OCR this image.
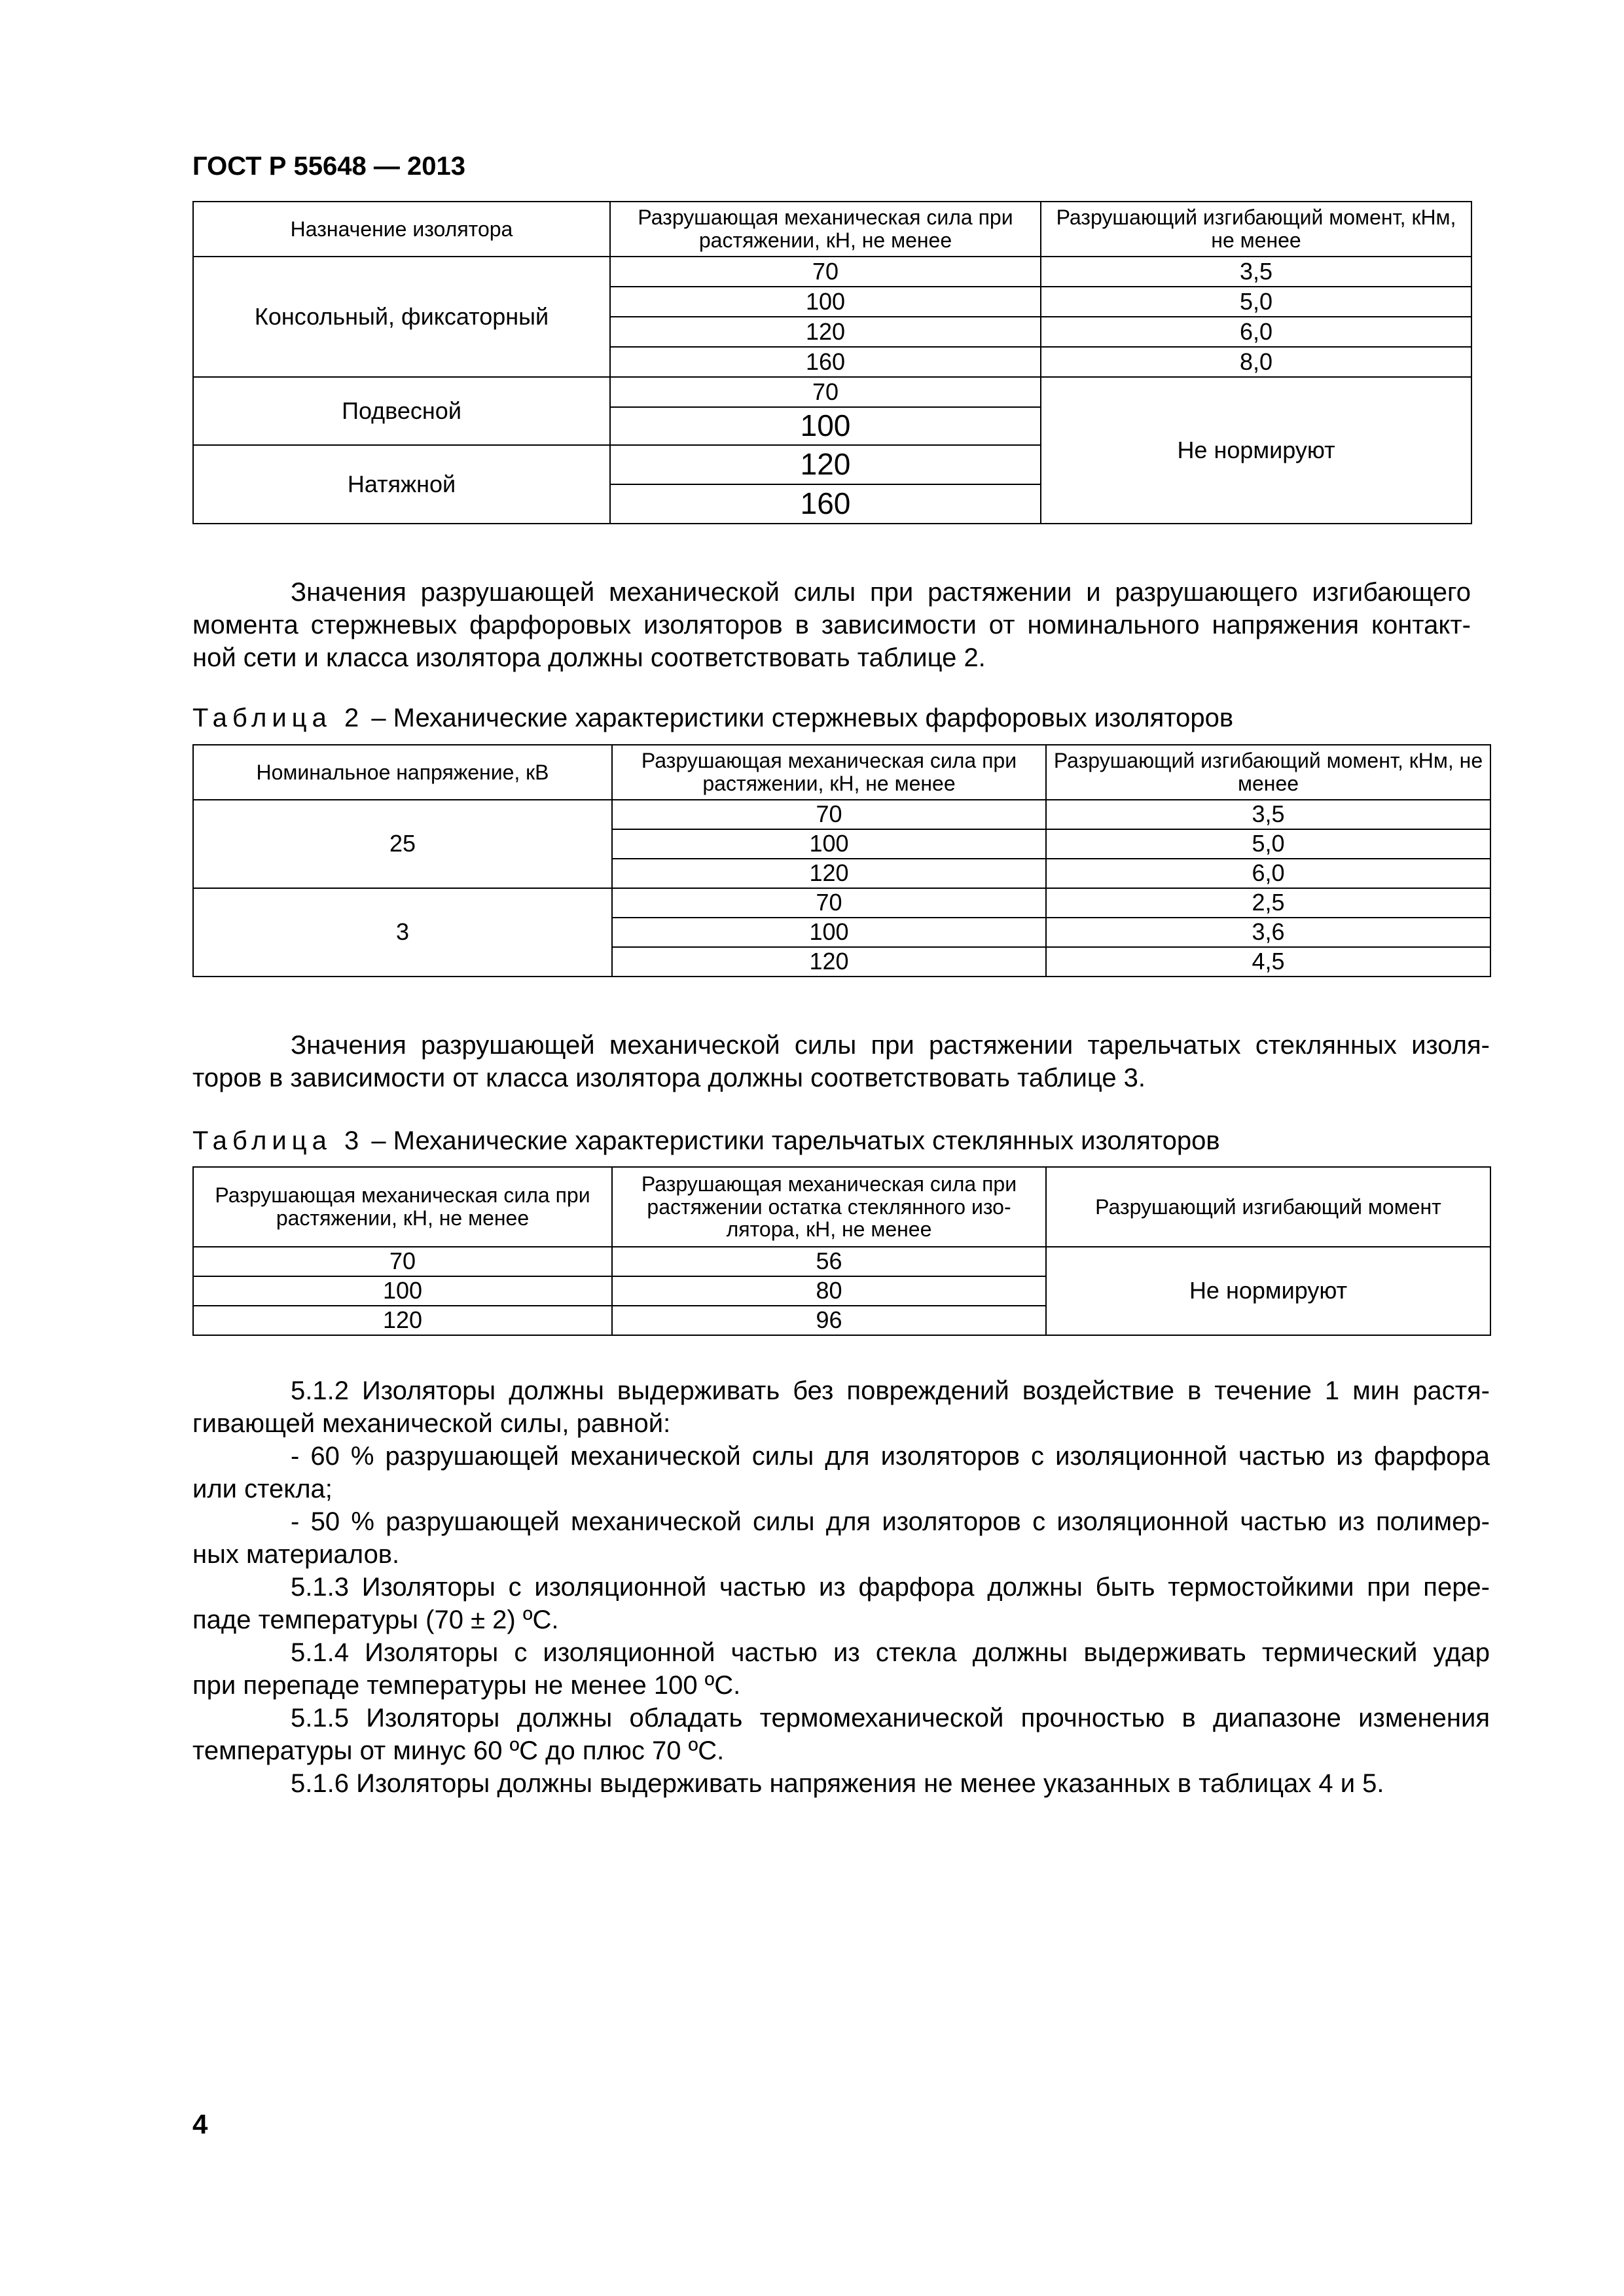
ГОСТ Р 55648 — 2013
Назначение изолятора	Разрушающая механическая сила при растяжении, кН, не менее	Разрушающий изгибающий момент, кНм, не менее
Консольный, фиксаторный	70	3,5
	100	5,0
	120	6,0
	160	8,0
Подвесной	70	Не нормируют
	100	
Натяжной	120	
	160	
Значения разрушающей механической силы при растяжении и разрушающего изгибающего
момента стержневых фарфоровых изоляторов в зависимости от номинального напряжения контакт-
ной сети и класса изолятора должны соответствовать таблице 2.
Таблица 2 – Механические характеристики стержневых фарфоровых изоляторов
Номинальное напряжение, кВ	Разрушающая механическая сила при растяжении, кН, не менее	Разрушающий изгибающий момент, кНм, не менее
25	70	3,5
	100	5,0
	120	6,0
3	70	2,5
	100	3,6
	120	4,5
Значения разрушающей механической силы при растяжении тарельчатых стеклянных изоля-
торов в зависимости от класса изолятора должны соответствовать таблице 3.
Таблица 3 – Механические характеристики тарельчатых стеклянных изоляторов
Разрушающая механическая сила при растяжении, кН, не менее	Разрушающая механическая сила при растяжении остатка стеклянного изо-лятора, кН, не менее	Разрушающий изгибающий момент
70	56	Не нормируют
100	80	
120	96	
5.1.2 Изоляторы должны выдерживать без повреждений воздействие в течение 1 мин растя-
гивающей механической силы, равной:
- 60 % разрушающей механической силы для изоляторов с изоляционной частью из фарфора
или стекла;
- 50 % разрушающей механической силы для изоляторов с изоляционной частью из полимер-
ных материалов.
5.1.3 Изоляторы с изоляционной частью из фарфора должны быть термостойкими при пере-
паде температуры (70 ± 2) ºС.
5.1.4 Изоляторы с изоляционной частью из стекла должны выдерживать термический удар
при перепаде температуры не менее 100 ºС.
5.1.5 Изоляторы должны обладать термомеханической прочностью в диапазоне изменения
температуры от минус 60 ºС до плюс 70 ºС.
5.1.6 Изоляторы должны выдерживать напряжения не менее указанных в таблицах 4 и 5.
4
